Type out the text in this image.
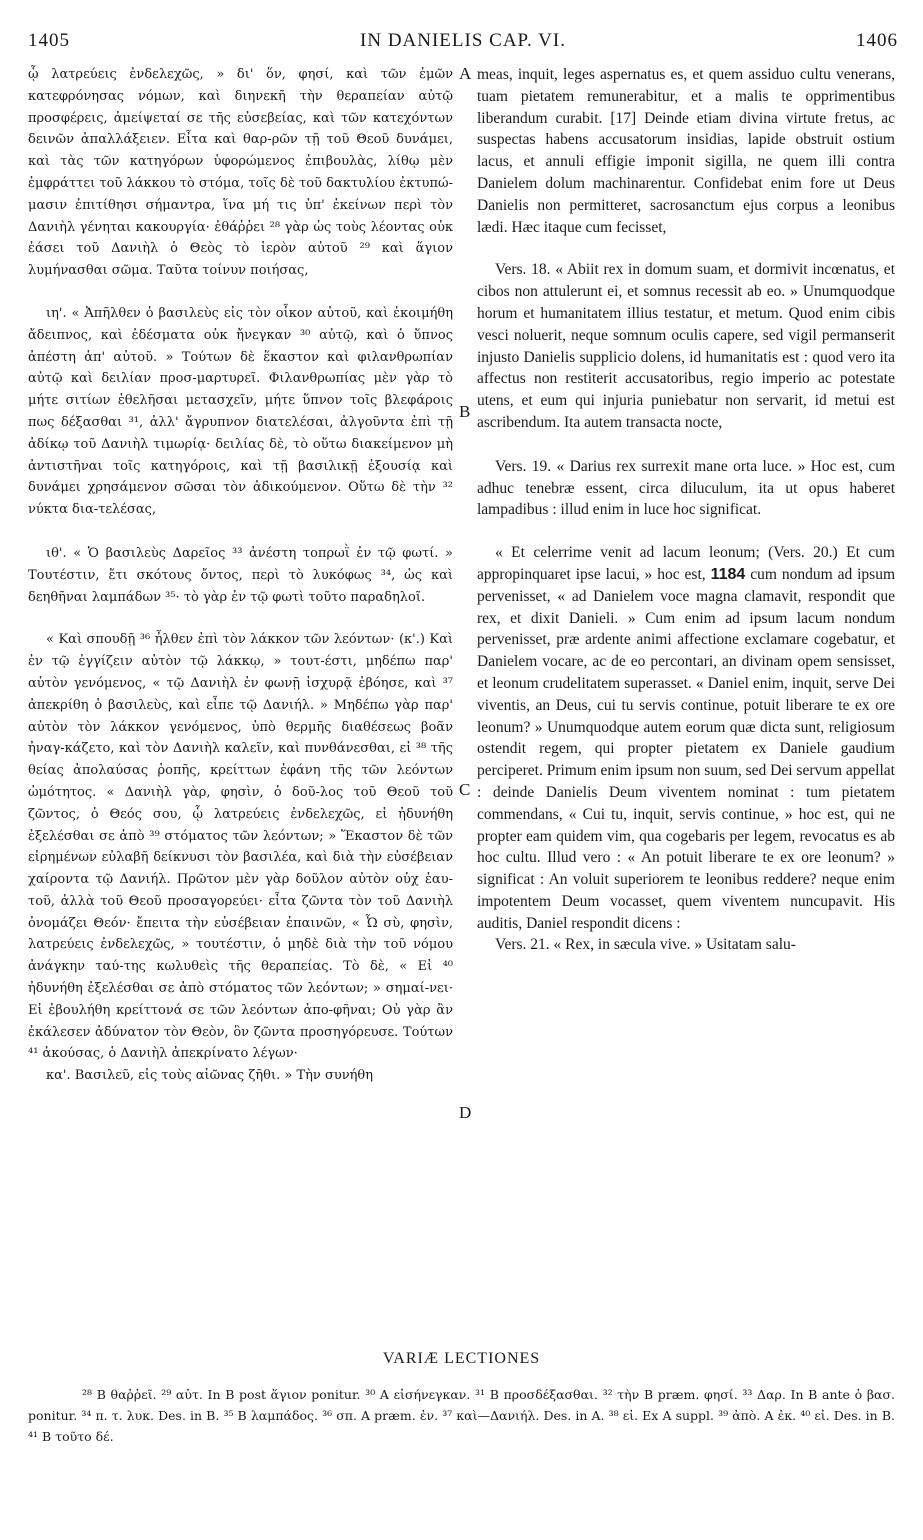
1405	IN DANIELIS CAP. VI.	1406
A
B
C
D

ᾧ λατρεύεις ἐνδελεχῶς, » δι' ὅν, φησί, καὶ τῶν ἐμῶν κατεφρόνησας νόμων, καὶ διηνεκῆ τὴν θεραπείαν αὐτῷ προσφέρεις, ἀμείψεταί σε τῆς εὐσεβείας, καὶ τῶν κατεχόντων δεινῶν ἀπαλλάξειεν. Εἶτα καὶ θαρ-ρῶν τῇ τοῦ Θεοῦ δυνάμει, καὶ τὰς τῶν κατηγόρων ὑφορώμενος ἐπιβουλὰς, λίθῳ μὲν ἐμφράττει τοῦ λάκκου τὸ στόμα, τοῖς δὲ τοῦ δακτυλίου ἐκτυπώ-μασιν ἐπιτίθησι σήμαντρα, ἵνα μή τις ὑπ' ἐκείνων περὶ τὸν Δανιὴλ γένηται κακουργία· ἐθάῤῥει ²⁸ γὰρ ὡς τοὺς λέοντας οὐκ ἐάσει τοῦ Δανιὴλ ὁ Θεὸς τὸ ἱερὸν αὐτοῦ ²⁹ καὶ ἅγιον λυμήνασθαι σῶμα. Ταῦτα τοίνυν ποιήσας,

ιη'. « Ἀπῆλθεν ὁ βασιλεὺς εἰς τὸν οἶκον αὐτοῦ, καὶ ἐκοιμήθη ἄδειπνος, καὶ ἐδέσματα οὐκ ἤνεγκαν ³⁰ αὐτῷ, καὶ ὁ ὕπνος ἀπέστη ἀπ' αὐτοῦ. » Τούτων δὲ ἕκαστον καὶ φιλανθρωπίαν αὐτῷ καὶ δειλίαν προσ-μαρτυρεῖ. Φιλανθρωπίας μὲν γὰρ τὸ μήτε σιτίων ἐθελῆσαι μετασχεῖν, μήτε ὕπνον τοῖς βλεφάροις πως δέξασθαι ³¹, ἀλλ' ἄγρυπνον διατελέσαι, ἀλγοῦντα ἐπὶ τῇ ἀδίκῳ τοῦ Δανιὴλ τιμωρίᾳ· δειλίας δὲ, τὸ οὕτω διακείμενον μὴ ἀντιστῆναι τοῖς κατηγόροις, καὶ τῇ βασιλικῇ ἐξουσίᾳ καὶ δυνάμει χρησάμενον σῶσαι τὸν ἀδικούμενον. Οὕτω δὲ τὴν ³² νύκτα δια-τελέσας,

ιθ'. « Ὁ βασιλεὺς Δαρεῖος ³³ ἀνέστη τοπρωῒ ἐν τῷ φωτί. » Τουτέστιν, ἔτι σκότους ὄντος, περὶ τὸ λυκόφως ³⁴, ὡς καὶ δεηθῆναι λαμπάδων ³⁵· τὸ γὰρ ἐν τῷ φωτὶ τοῦτο παραδηλοῖ.

« Καὶ σπουδῇ ³⁶ ἦλθεν ἐπὶ τὸν λάκκον τῶν λεόντων· (κ'.) Καὶ ἐν τῷ ἐγγίζειν αὐτὸν τῷ λάκκῳ, » τουτ-έστι, μηδέπω παρ' αὐτὸν γενόμενος, « τῷ Δανιὴλ ἐν φωνῇ ἰσχυρᾷ ἐβόησε, καὶ ³⁷ ἀπεκρίθη ὁ βασιλεὺς, καὶ εἶπε τῷ Δανιήλ. » Μηδέπω γὰρ παρ' αὐτὸν τὸν λάκκον γενόμενος, ὑπὸ θερμῆς διαθέσεως βοᾶν ἠναγ-κάζετο, καὶ τὸν Δανιὴλ καλεῖν, καὶ πυνθάνεσθαι, εἰ ³⁸ τῆς θείας ἀπολαύσας ῥοπῆς, κρείττων ἐφάνη τῆς τῶν λεόντων ὠμότητος. « Δανιὴλ γὰρ, φησὶν, ὁ δοῦ-λος τοῦ Θεοῦ τοῦ ζῶντος, ὁ Θεός σου, ᾧ λατρεύεις ἐνδελεχῶς, εἰ ἠδυνήθη ἐξελέσθαι σε ἀπὸ ³⁹ στόματος τῶν λεόντων; » Ἕκαστον δὲ τῶν εἰρημένων εὐλαβῆ δείκνυσι τὸν βασιλέα, καὶ διὰ τὴν εὐσέβειαν χαίροντα τῷ Δανιήλ. Πρῶτον μὲν γὰρ δοῦλον αὐτὸν οὐχ ἑαυ-τοῦ, ἀλλὰ τοῦ Θεοῦ προσαγορεύει· εἶτα ζῶντα τὸν τοῦ Δανιὴλ ὀνομάζει Θεόν· ἔπειτα τὴν εὐσέβειαν ἐπαινῶν, « Ὦ σὺ, φησὶν, λατρεύεις ἐνδελεχῶς, » τουτέστιν, ὁ μηδὲ διὰ τὴν τοῦ νόμου ἀνάγκην ταύ-της κωλυθεὶς τῆς θεραπείας. Τὸ δὲ, « Εἰ ⁴⁰ ἠδυνήθη ἐξελέσθαι σε ἀπὸ στόματος τῶν λεόντων; » σημαί-νει· Εἰ ἐβουλήθη κρείττονά σε τῶν λεόντων ἀπο-φῆναι; Οὐ γὰρ ἂν ἐκάλεσεν ἀδύνατον τὸν Θεὸν, ὃν ζῶντα προσηγόρευσε. Τούτων ⁴¹ ἀκούσας, ὁ Δανιὴλ ἀπεκρίνατο λέγων·

κα'. Βασιλεῦ, εἰς τοὺς αἰῶνας ζῆθι. » Τὴν συνήθη

meas, inquit, leges aspernatus es, et quem assiduo cultu venerans, tuam pietatem remunerabitur, et a malis te opprimentibus liberandum curabit. [17] Deinde etiam divina virtute fretus, ac suspectas habens accusatorum insidias, lapide obstruit ostium lacus, et annuli effigie imponit sigilla, ne quem illi contra Danielem dolum machinarentur. Confidebat enim fore ut Deus Danielis non permitteret, sacrosanctum ejus corpus a leonibus lædi. Hæc itaque cum fecisset,

Vers. 18. « Abiit rex in domum suam, et dormivit incœnatus, et cibos non attulerunt ei, et somnus recessit ab eo. » Unumquodque horum et humanitatem illius testatur, et metum. Quod enim cibis vesci noluerit, neque somnum oculis capere, sed vigil permanserit injusto Danielis supplicio dolens, id humanitatis est : quod vero ita affectus non restiterit accusatoribus, regio imperio ac potestate utens, et eum qui injuria puniebatur non servarit, id metui est ascribendum. Ita autem transacta nocte,

Vers. 19. « Darius rex surrexit mane orta luce. » Hoc est, cum adhuc tenebræ essent, circa diluculum, ita ut opus haberet lampadibus : illud enim in luce hoc significat.

« Et celerrime venit ad lacum leonum; (Vers. 20.) Et cum appropinquaret ipse lacui, » hoc est, 1184 cum nondum ad ipsum pervenisset, « ad Danielem voce magna clamavit, respondit que rex, et dixit Danieli. » Cum enim ad ipsum lacum nondum pervenisset, præ ardente animi affectione exclamare cogebatur, et Danielem vocare, ac de eo percontari, an divinam opem sensisset, et leonum crudelitatem superasset. « Daniel enim, inquit, serve Dei viventis, an Deus, cui tu servis continue, potuit liberare te ex ore leonum? » Unumquodque autem eorum quæ dicta sunt, religiosum ostendit regem, qui propter pietatem ex Daniele gaudium perciperet. Primum enim ipsum non suum, sed Dei servum appellat : deinde Danielis Deum viventem nominat : tum pietatem commendans, « Cui tu, inquit, servis continue, » hoc est, qui ne propter eam quidem vim, qua cogebaris per legem, revocatus es ab hoc cultu. Illud vero : « An potuit liberare te ex ore leonum? » significat : An voluit superiorem te leonibus reddere? neque enim impotentem Deum vocasset, quem viventem nuncupavit. His auditis, Daniel respondit dicens :

Vers. 21. « Rex, in sæcula vive. » Usitatam salu-

VARIÆ LECTIONES

²⁸ B θαῤῥεῖ. ²⁹ αὐτ. In B post ἅγιον ponitur. ³⁰ A εἰσήνεγκαν. ³¹ B προσδέξασθαι. ³² τὴν B præm. φησί. ³³ Δαρ. In B ante ὁ βασ. ponitur. ³⁴ π. τ. λυκ. Des. in B. ³⁵ B λαμπάδος. ³⁶ σπ. A præm. ἐν. ³⁷ καὶ—Δανιήλ. Des. in A. ³⁸ εἰ. Ex A suppl. ³⁹ ἀπὸ. A ἐκ. ⁴⁰ εἰ. Des. in B. ⁴¹ B τοῦτο δέ.
